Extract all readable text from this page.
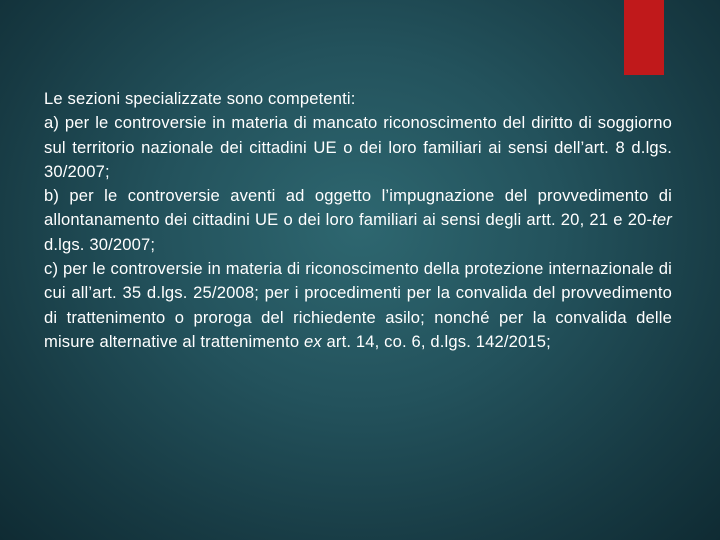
Le sezioni specializzate sono competenti:

a) per le controversie in materia di mancato riconoscimento del diritto di soggiorno sul territorio nazionale dei cittadini UE o dei loro familiari ai sensi dell’art. 8 d.lgs. 30/2007;

b) per le controversie aventi ad oggetto l’impugnazione del provvedimento di allontanamento dei cittadini UE o dei loro familiari ai sensi degli artt. 20, 21 e 20-ter d.lgs. 30/2007;

c) per le controversie in materia di riconoscimento della protezione internazionale di cui all’art. 35 d.lgs. 25/2008; per i procedimenti per la convalida del provvedimento di trattenimento o proroga del richiedente asilo; nonché per la convalida delle misure alternative al trattenimento ex art. 14, co. 6, d.lgs. 142/2015;
